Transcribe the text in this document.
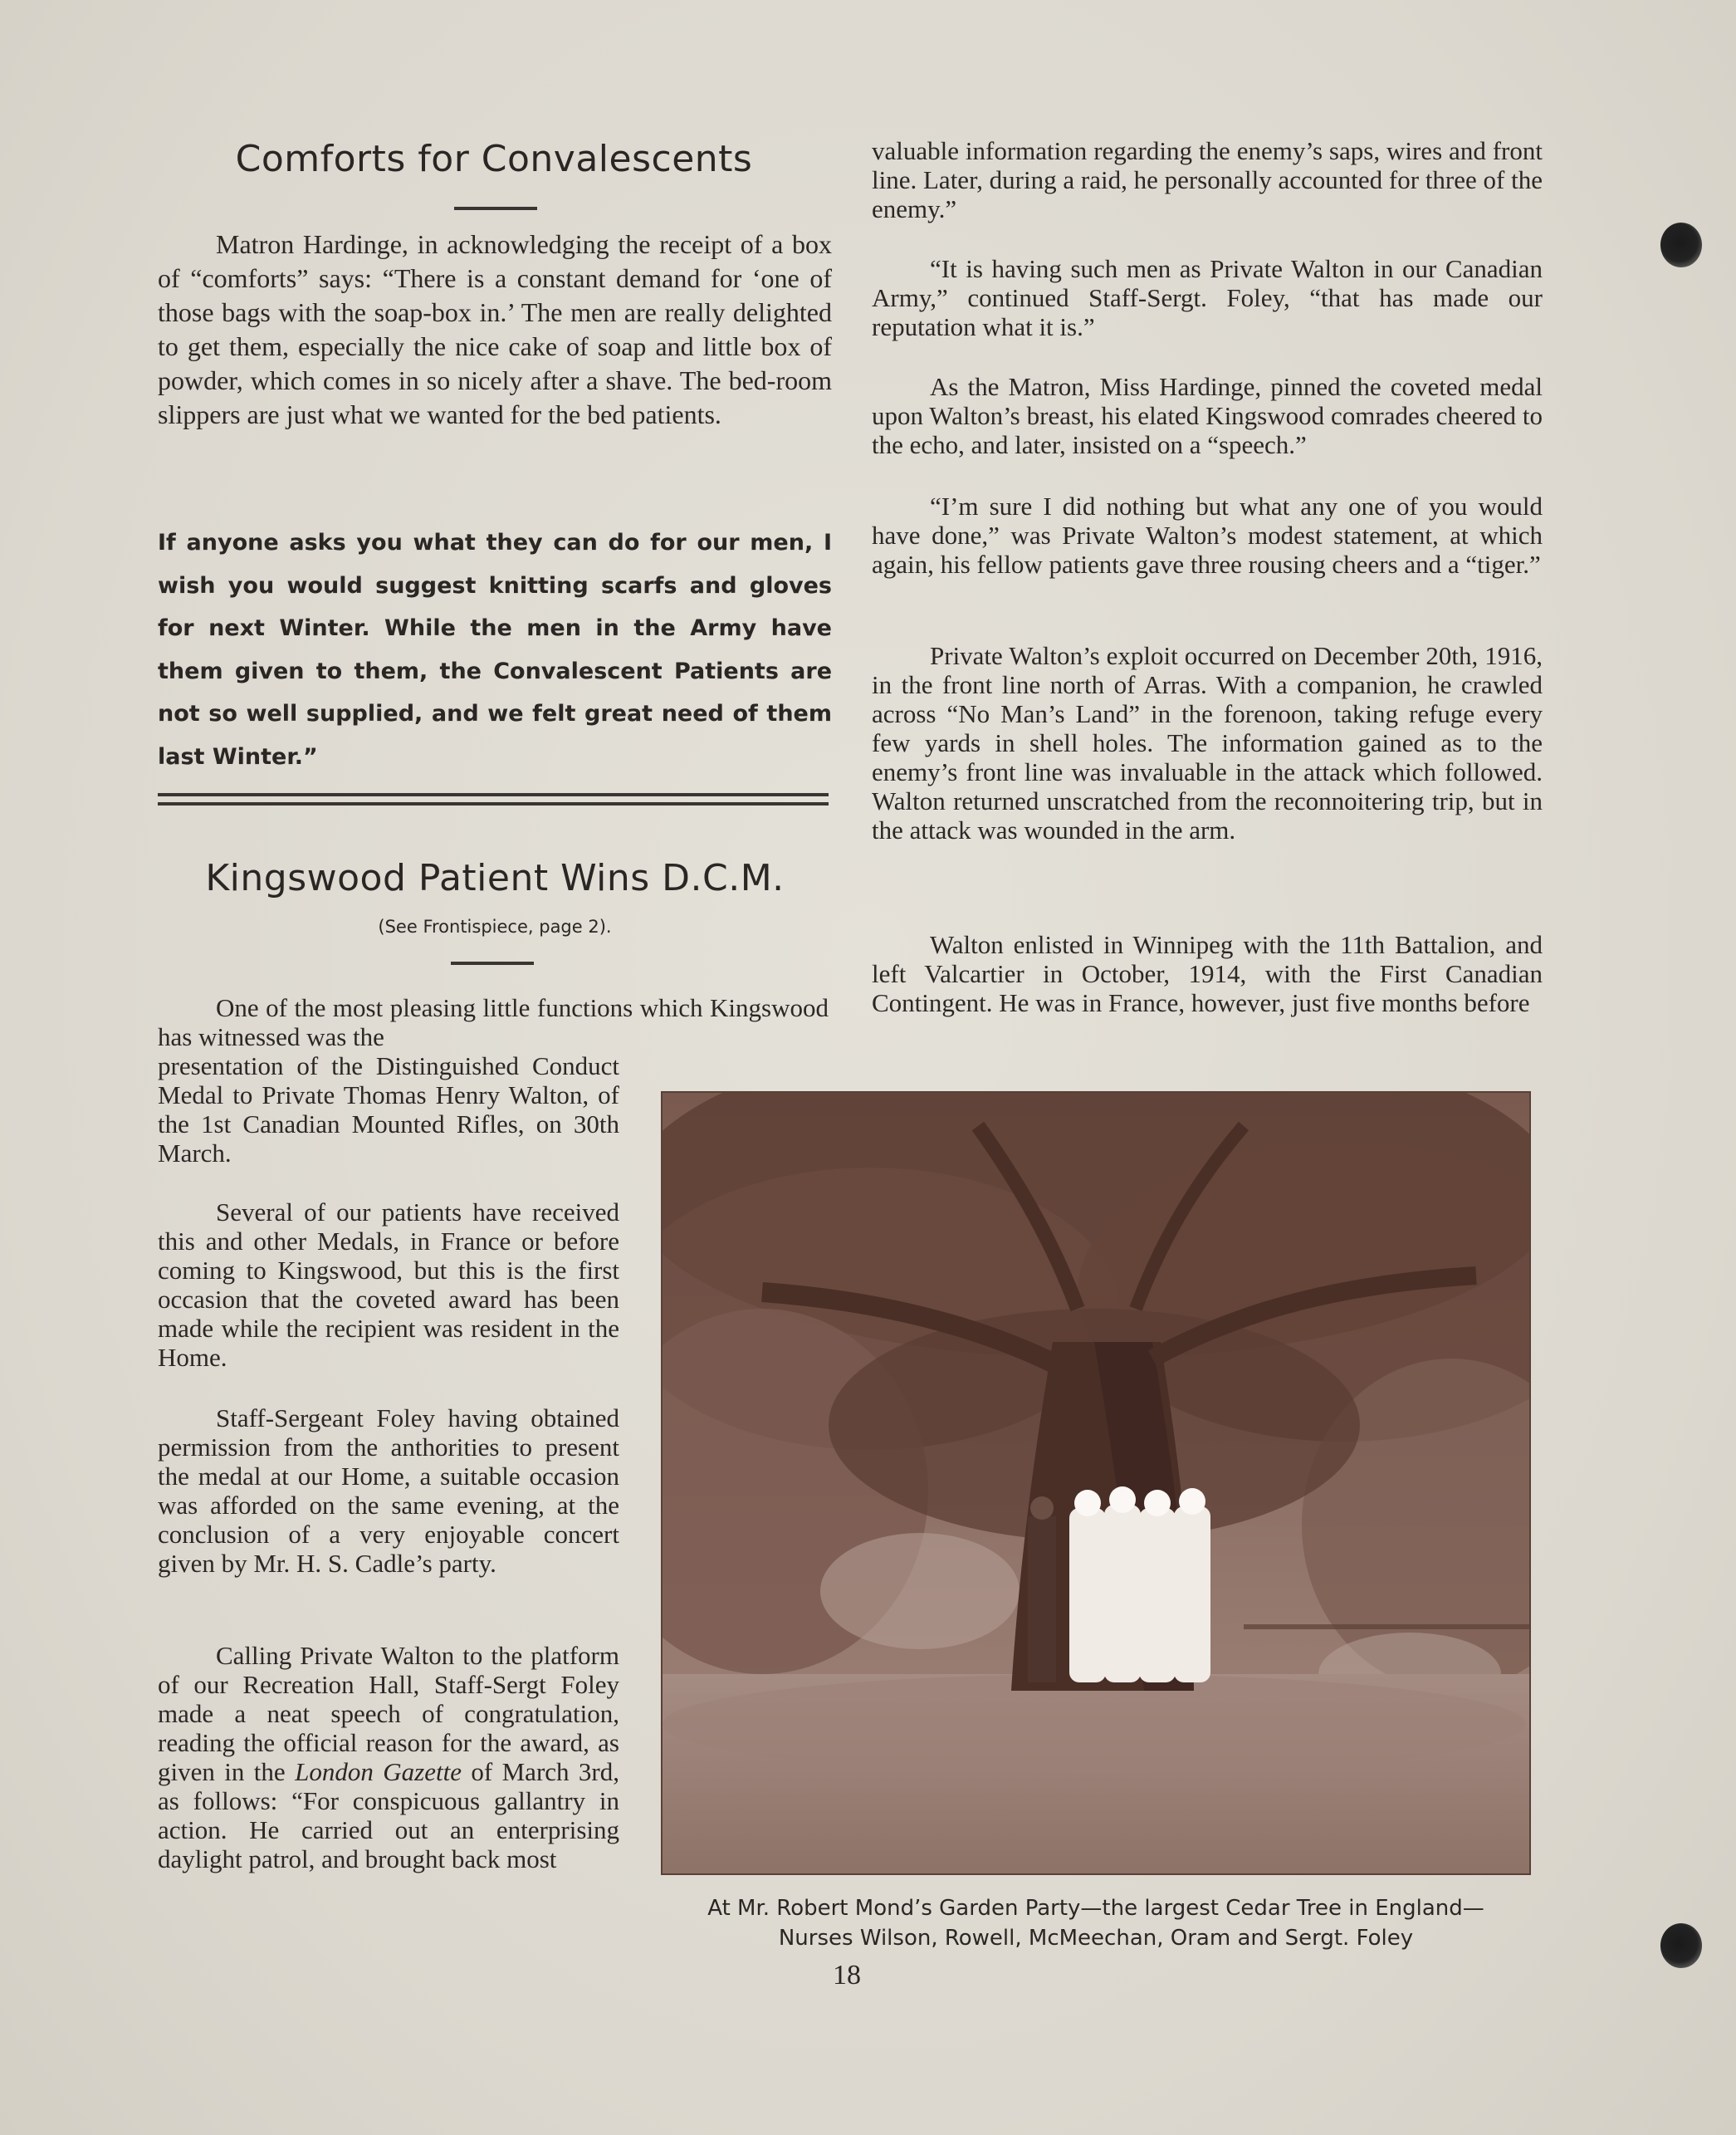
Comforts for Convalescents

Matron Hardinge, in acknowledging the receipt of a box of “comforts” says: “There is a constant demand for ‘one of those bags with the soap-box in.’ The men are really delighted to get them, especially the nice cake of soap and little box of powder, which comes in so nicely after a shave. The bed-room slippers are just what we wanted for the bed patients.

If anyone asks you what they can do for our men, I wish you would suggest knitting scarfs and gloves for next Winter. While the men in the Army have them given to them, the Convalescent Patients are not so well supplied, and we felt great need of them last Winter.”

Kingswood Patient Wins D.C.M.
(See Frontispiece, page 2).

One of the most pleasing little functions which Kingswood has witnessed was the

presentation of the Distinguished Conduct Medal to Private Thomas Henry Walton, of the 1st Canadian Mounted Rifles, on 30th March.

Several of our patients have received this and other Medals, in France or before coming to Kingswood, but this is the first occasion that the coveted award has been made while the recipient was resident in the Home.

Staff-Sergeant Foley having obtained permission from the anthorities to present the medal at our Home, a suitable occasion was afforded on the same evening, at the conclusion of a very enjoyable concert given by Mr. H. S. Cadle’s party.

Calling Private Walton to the platform of our Recreation Hall, Staff-Sergt Foley made a neat speech of congratulation, reading the official reason for the award, as given in the London Gazette of March 3rd, as follows: “For conspicuous gallantry in action. He carried out an enterprising daylight patrol, and brought back most

valuable information regarding the enemy’s saps, wires and front line. Later, during a raid, he personally accounted for three of the enemy.”

“It is having such men as Private Walton in our Canadian Army,” continued Staff-Sergt. Foley, “that has made our reputation what it is.”

As the Matron, Miss Hardinge, pinned the coveted medal upon Walton’s breast, his elated Kingswood comrades cheered to the echo, and later, insisted on a “speech.”

“I’m sure I did nothing but what any one of you would have done,” was Private Walton’s modest statement, at which again, his fellow patients gave three rousing cheers and a “tiger.”

Private Walton’s exploit occurred on December 20th, 1916, in the front line north of Arras. With a companion, he crawled across “No Man’s Land” in the forenoon, taking refuge every few yards in shell holes. The information gained as to the enemy’s front line was invaluable in the attack which followed. Walton returned unscratched from the reconnoitering trip, but in the attack was wounded in the arm.

Walton enlisted in Winnipeg with the 11th Battalion, and left Valcartier in October, 1914, with the First Canadian Contingent. He was in France, however, just five months before

At Mr. Robert Mond’s Garden Party—the largest Cedar Tree in England—
Nurses Wilson, Rowell, McMeechan, Oram and Sergt. Foley
18
